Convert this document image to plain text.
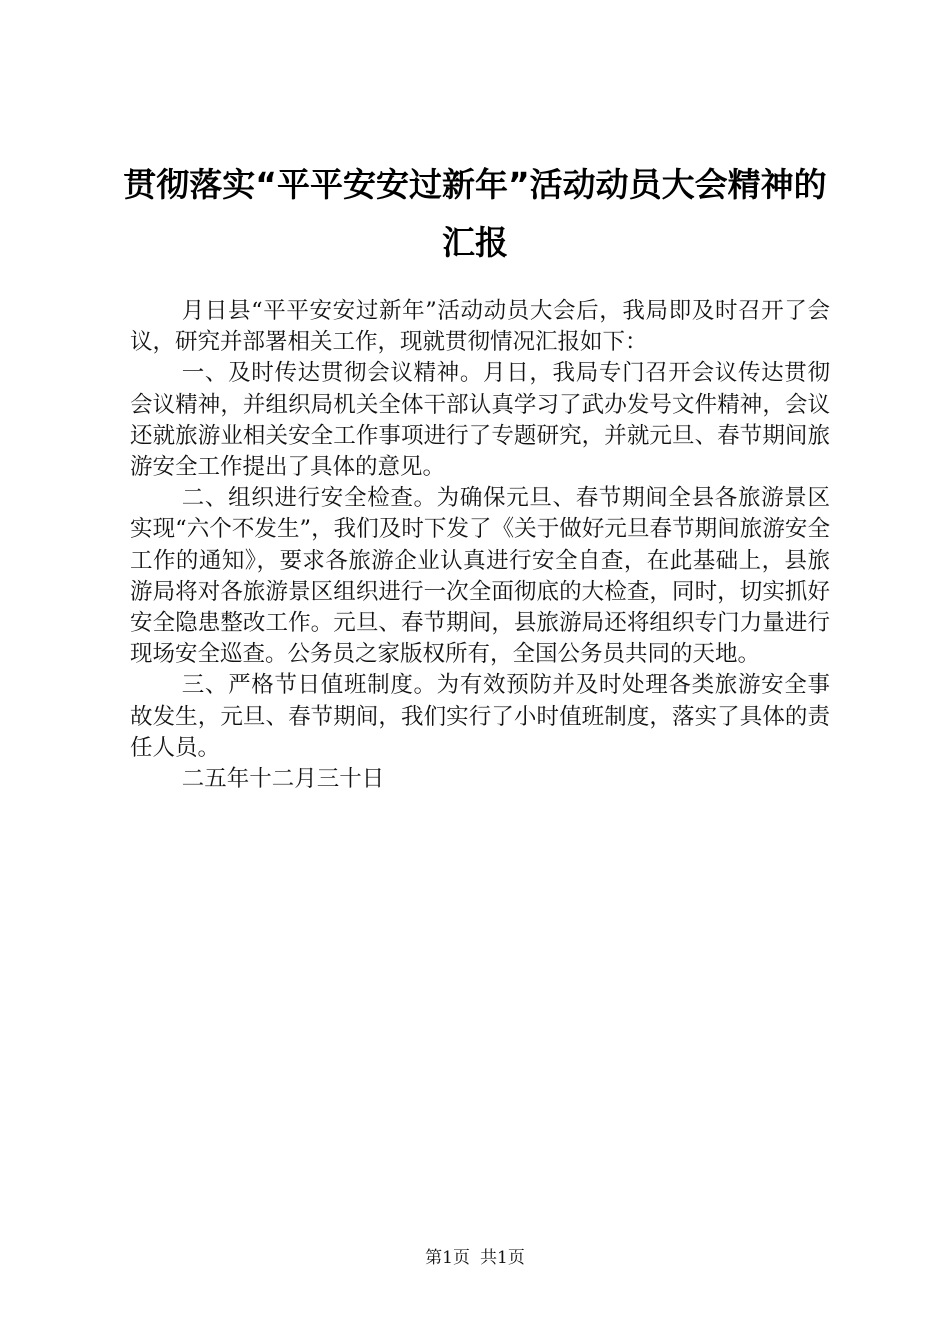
贯彻落实“平平安安过新年”活动动员大会精神的汇报

月日县“平平安安过新年”活动动员大会后，我局即及时召开了会议，研究并部署相关工作，现就贯彻情况汇报如下：

一、及时传达贯彻会议精神。月日，我局专门召开会议传达贯彻会议精神，并组织局机关全体干部认真学习了武办发号文件精神，会议还就旅游业相关安全工作事项进行了专题研究，并就元旦、春节期间旅游安全工作提出了具体的意见。

二、组织进行安全检查。为确保元旦、春节期间全县各旅游景区实现“六个不发生”，我们及时下发了《关于做好元旦春节期间旅游安全工作的通知》，要求各旅游企业认真进行安全自查，在此基础上，县旅游局将对各旅游景区组织进行一次全面彻底的大检查，同时，切实抓好安全隐患整改工作。元旦、春节期间，县旅游局还将组织专门力量进行现场安全巡查。公务员之家版权所有，全国公务员共同的天地。

三、严格节日值班制度。为有效预防并及时处理各类旅游安全事故发生，元旦、春节期间，我们实行了小时值班制度，落实了具体的责任人员。

二五年十二月三十日

第1页 共1页
